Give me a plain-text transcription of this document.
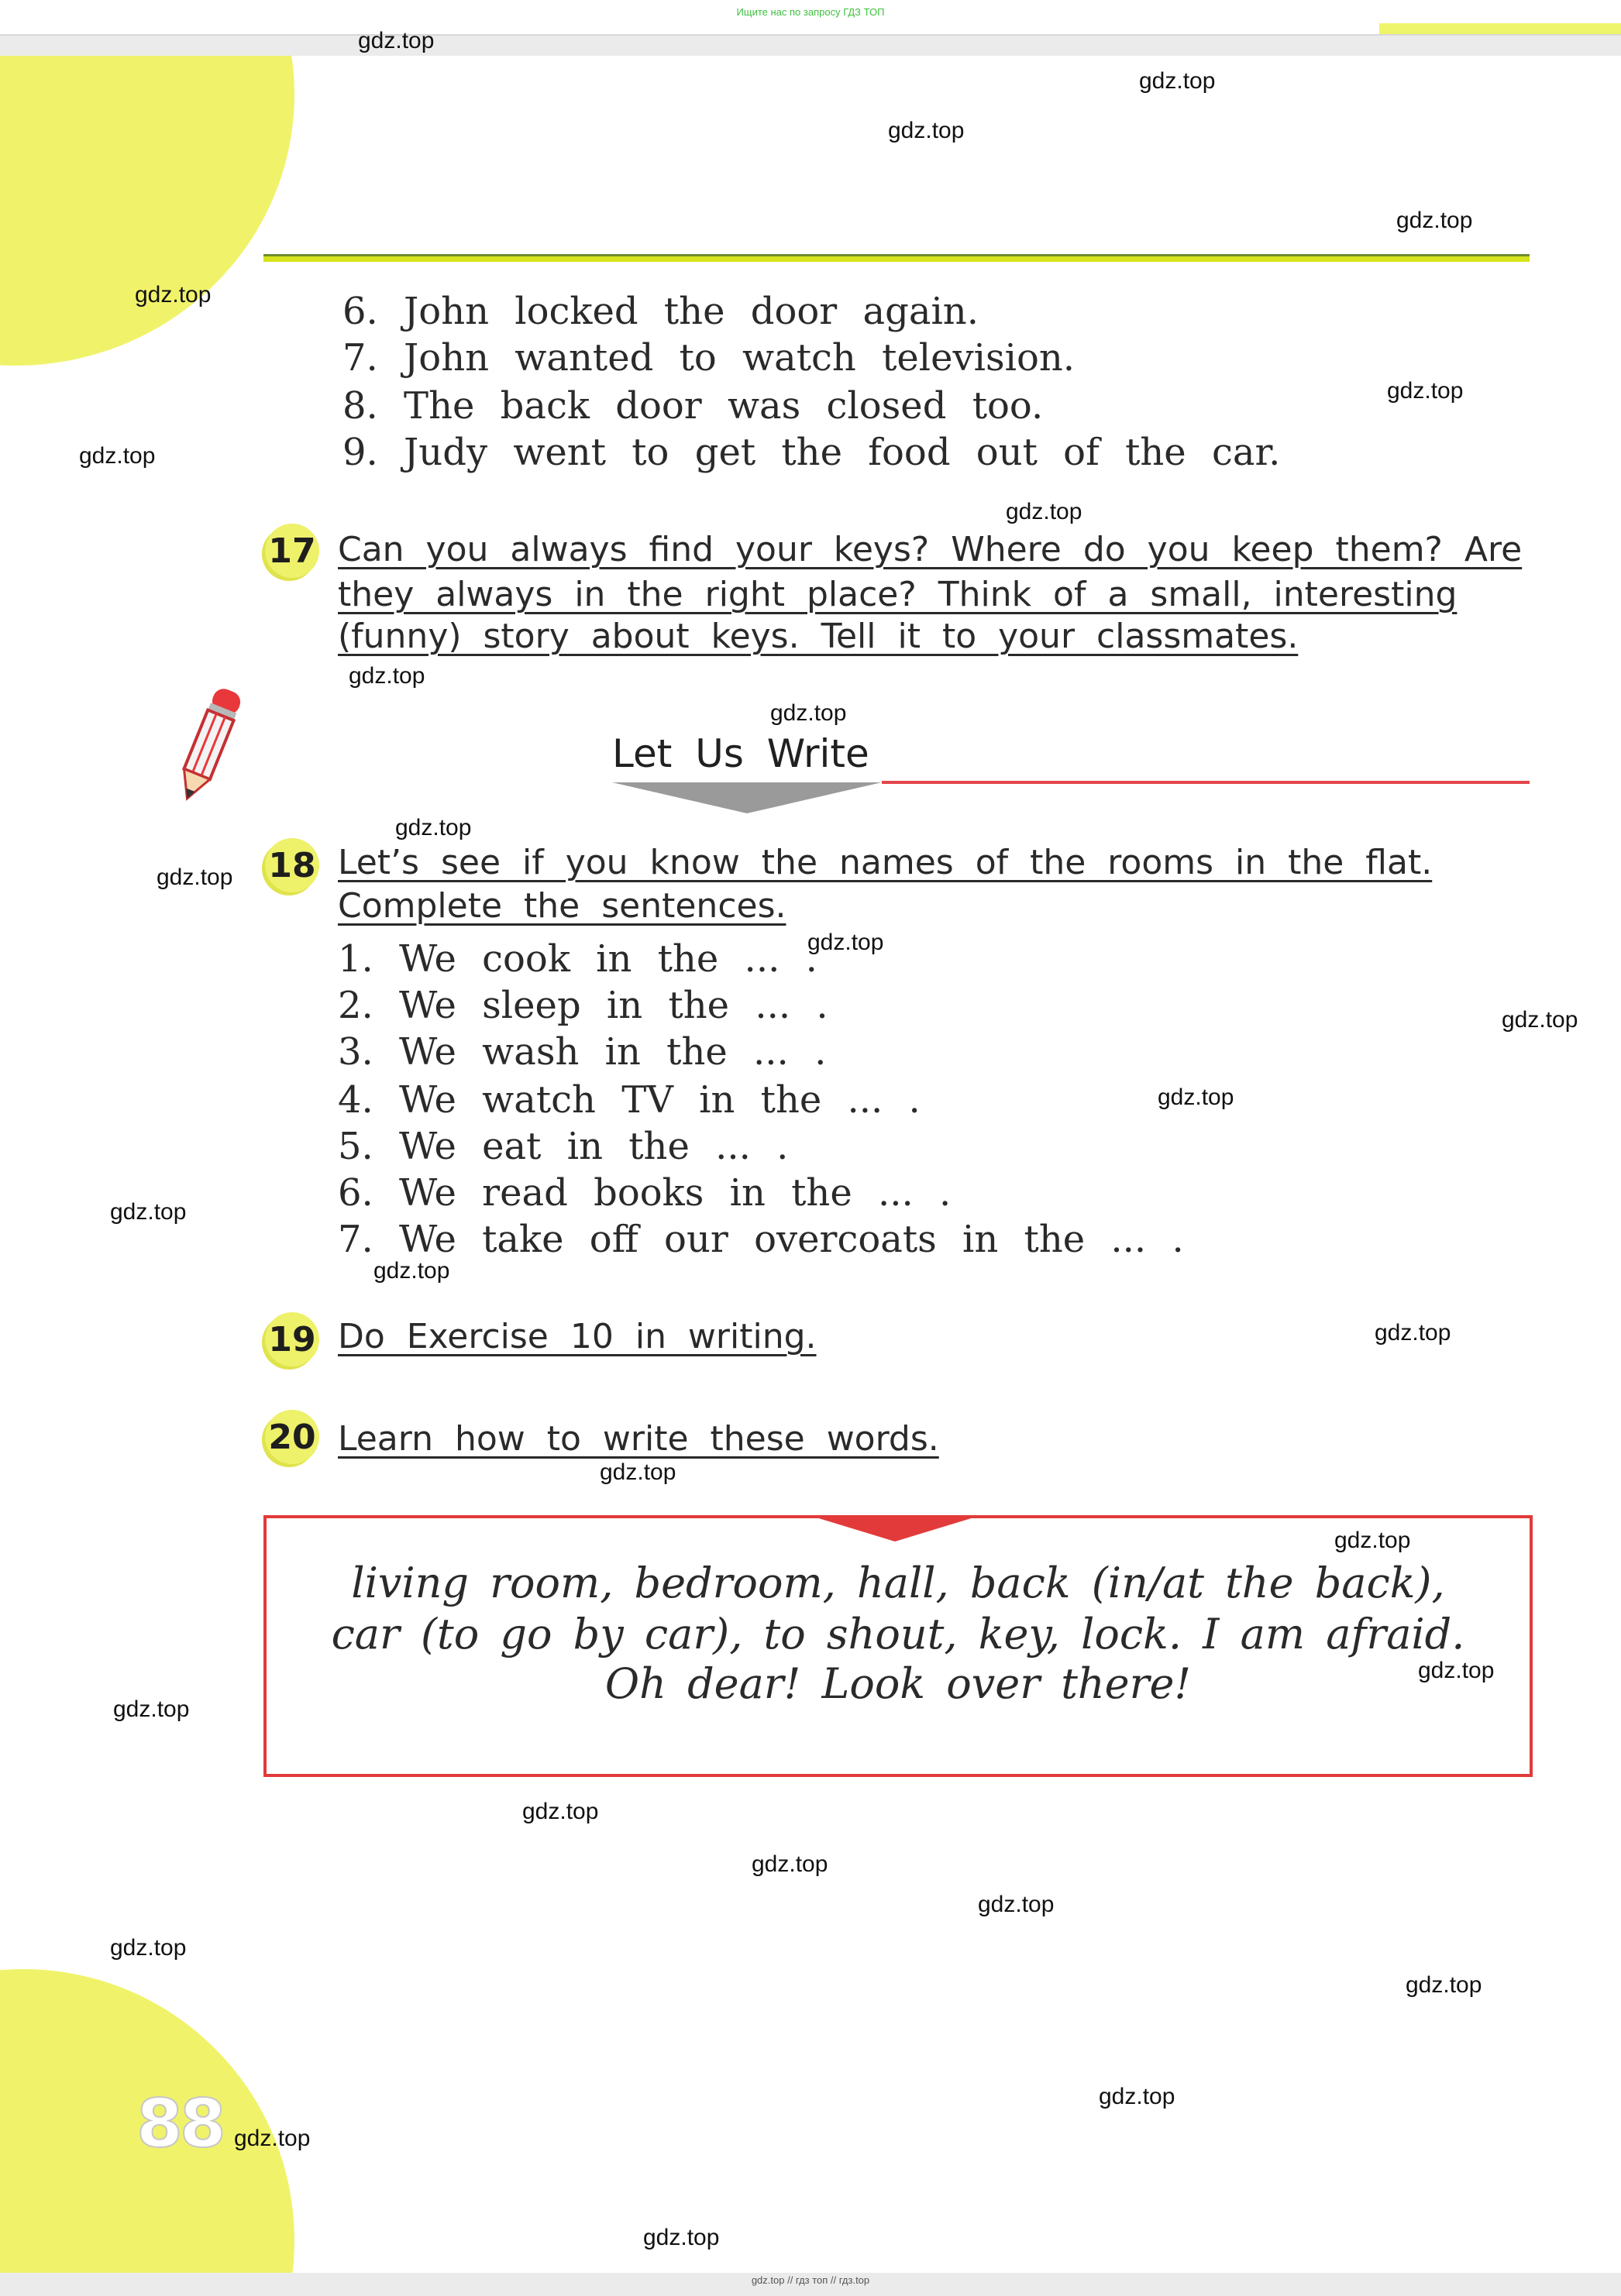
Ищите нас по запросу ГДЗ ТОП
88
6. John locked the door again.
7. John wanted to watch television.
8. The back door was closed too.
9. Judy went to get the food out of the car.
17 Can you always find your keys? Where do you keep them? Are
they always in the right place? Think of a small, interesting
(funny) story about keys. Tell it to your classmates.
Let Us Write
18 Let’s see if you know the names of the rooms in the flat.
Complete the sentences.
1. We cook in the ... .
2. We sleep in the ... .
3. We wash in the ... .
4. We watch TV in the ... .
5. We eat in the ... .
6. We read books in the ... .
7. We take off our overcoats in the ... .
19 Do Exercise 10 in writing.
20 Learn how to write these words.
living room, bedroom, hall, back (in/at the back),
car (to go by car), to shout, key, lock. I am afraid.
Oh dear! Look over there!
gdz.top
gdz.top
gdz.top
gdz.top
gdz.top
gdz.top
gdz.top
gdz.top
gdz.top
gdz.top
gdz.top
gdz.top
gdz.top
gdz.top
gdz.top
gdz.top
gdz.top
gdz.top
gdz.top
gdz.top
gdz.top
gdz.top
gdz.top
gdz.top
gdz.top
gdz.top
gdz.top
gdz.top
gdz.top
gdz.top
gdz.top // гдз топ // гдз.top
